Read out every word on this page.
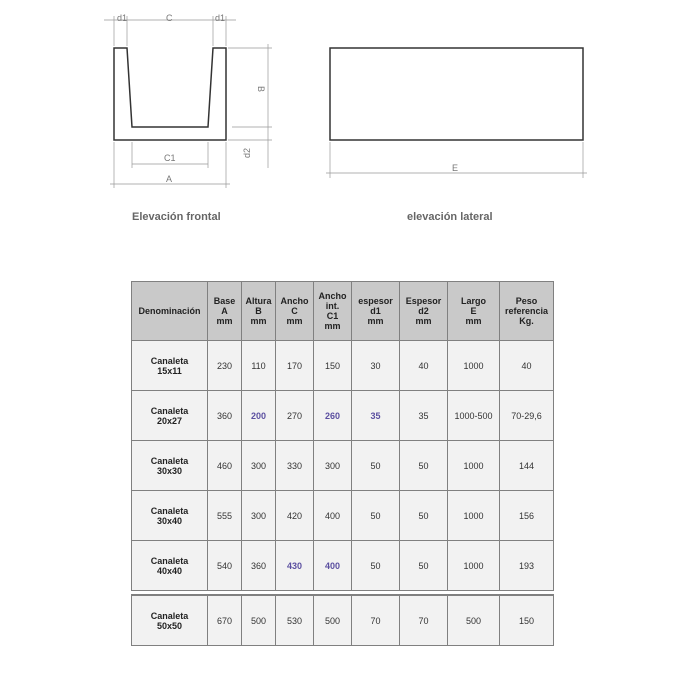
d1	C	d1
B
d2
C1
A
E
Elevación frontal	elevación lateral
Denominación	Base
A
mm	Altura
B
mm	Ancho
C
mm	Ancho
int.
C1
mm	espesor
d1
mm	Espesor
d2
mm	Largo
E
mm	Peso
referencia
Kg.
Canaleta
15x11	230	110	170	150	30	40	1000	40
Canaleta
20x27	360	200	270	260	35	35	1000-500	70-29,6
Canaleta
30x30	460	300	330	300	50	50	1000	144
Canaleta
30x40	555	300	420	400	50	50	1000	156
Canaleta
40x40	540	360	430	400	50	50	1000	193

Canaleta
50x50	670	500	530	500	70	70	500	150
